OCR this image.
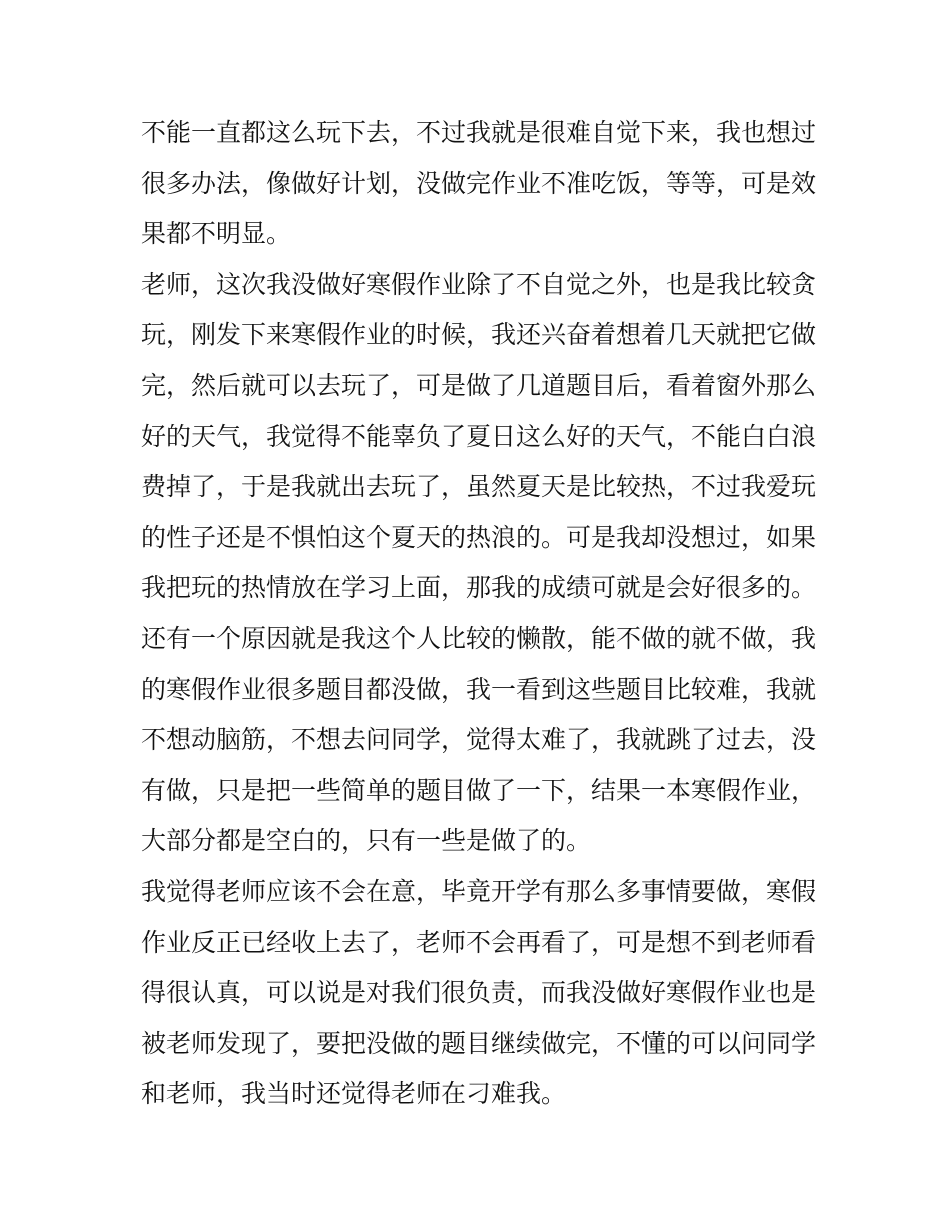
不能一直都这么玩下去，不过我就是很难自觉下来，我也想过
很多办法，像做好计划，没做完作业不准吃饭，等等，可是效
果都不明显。
老师，这次我没做好寒假作业除了不自觉之外，也是我比较贪
玩，刚发下来寒假作业的时候，我还兴奋着想着几天就把它做
完，然后就可以去玩了，可是做了几道题目后，看着窗外那么
好的天气，我觉得不能辜负了夏日这么好的天气，不能白白浪
费掉了，于是我就出去玩了，虽然夏天是比较热，不过我爱玩
的性子还是不惧怕这个夏天的热浪的。可是我却没想过，如果
我把玩的热情放在学习上面，那我的成绩可就是会好很多的。
还有一个原因就是我这个人比较的懒散，能不做的就不做，我
的寒假作业很多题目都没做，我一看到这些题目比较难，我就
不想动脑筋，不想去问同学，觉得太难了，我就跳了过去，没
有做，只是把一些简单的题目做了一下，结果一本寒假作业，
大部分都是空白的，只有一些是做了的。
我觉得老师应该不会在意，毕竟开学有那么多事情要做，寒假
作业反正已经收上去了，老师不会再看了，可是想不到老师看
得很认真，可以说是对我们很负责，而我没做好寒假作业也是
被老师发现了，要把没做的题目继续做完，不懂的可以问同学
和老师，我当时还觉得老师在刁难我。
